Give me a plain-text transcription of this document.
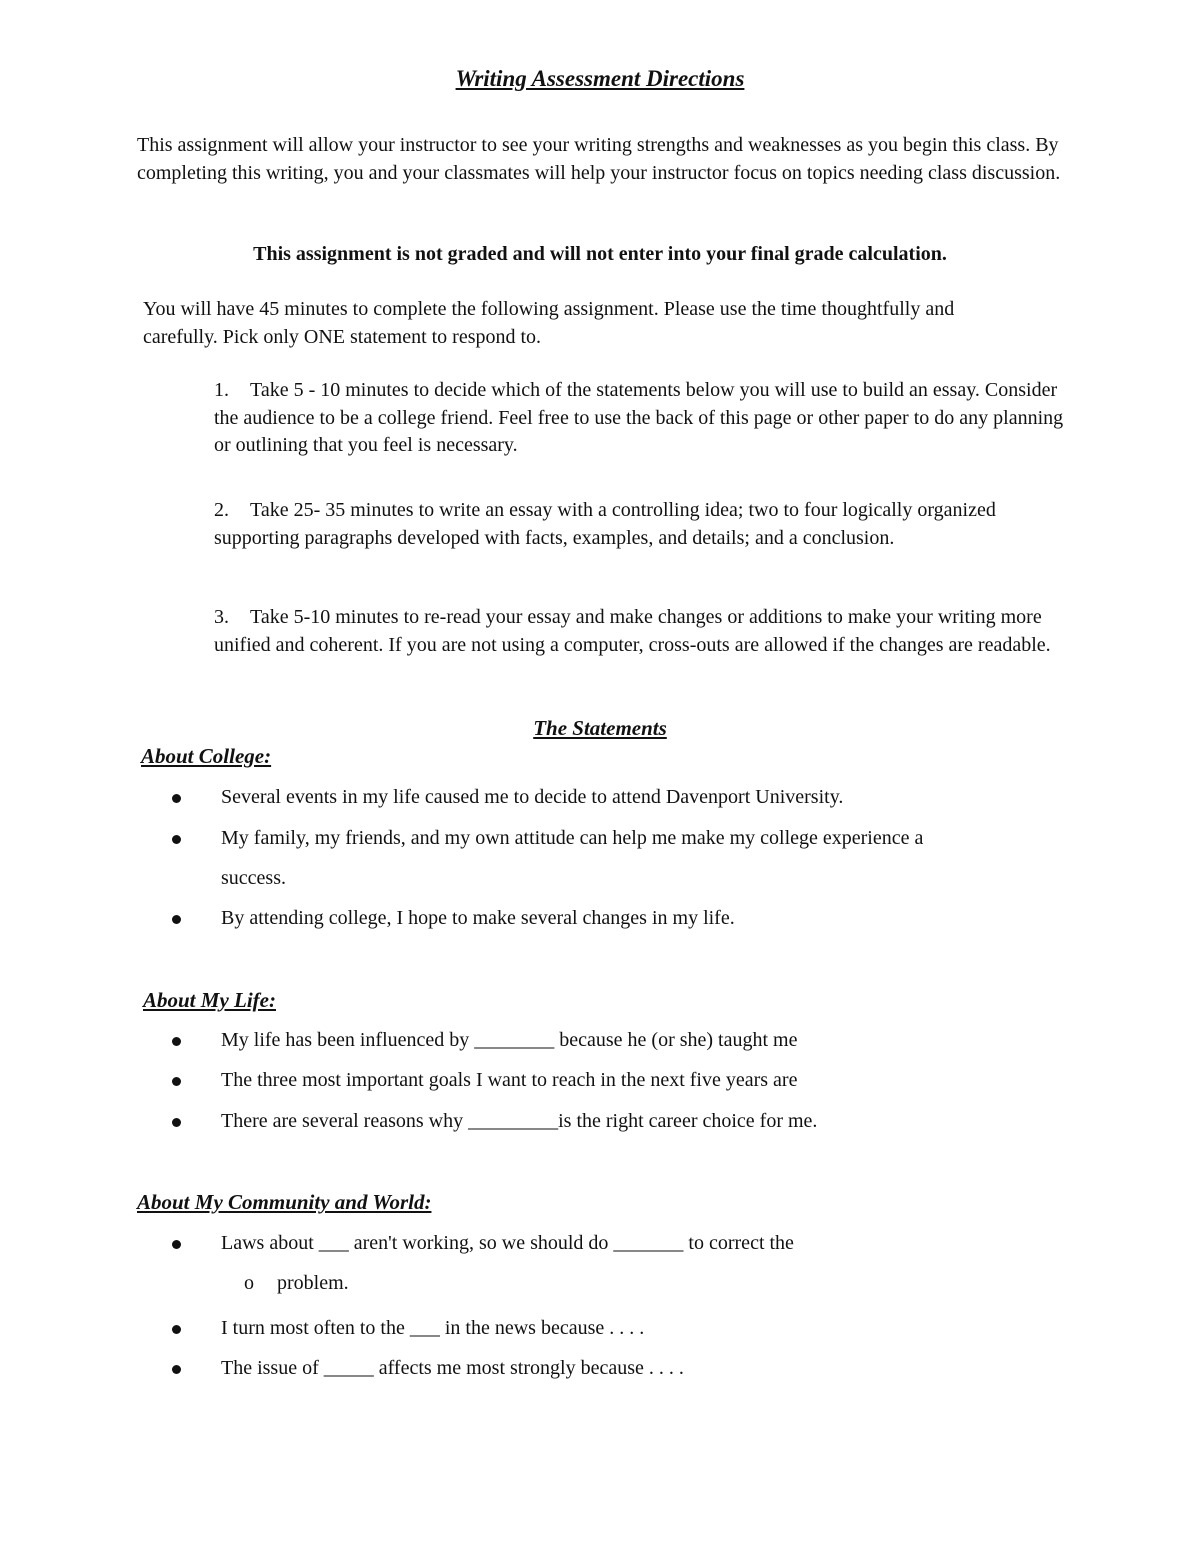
Writing Assessment Directions
This assignment will allow your instructor to see your writing strengths and weaknesses as you begin this class. By completing this writing, you and your classmates will help your instructor focus on topics needing class discussion.
This assignment is not graded and will not enter into your final grade calculation.
You will have 45 minutes to complete the following assignment. Please use the time thoughtfully and carefully. Pick only ONE statement to respond to.
1. Take 5 - 10 minutes to decide which of the statements below you will use to build an essay. Consider the audience to be a college friend. Feel free to use the back of this page or other paper to do any planning or outlining that you feel is necessary.
2. Take 25- 35 minutes to write an essay with a controlling idea; two to four logically organized supporting paragraphs developed with facts, examples, and details; and a conclusion.
3. Take 5-10 minutes to re-read your essay and make changes or additions to make your writing more unified and coherent. If you are not using a computer, cross-outs are allowed if the changes are readable.
The Statements
About College:
Several events in my life caused me to decide to attend Davenport University.
My family, my friends, and my own attitude can help me make my college experience a
success.
By attending college, I hope to make several changes in my life.
About My Life:
My life has been influenced by ________ because he (or she) taught me
The three most important goals I want to reach in the next five years are
There are several reasons why _________is the right career choice for me.
About My Community and World:
Laws about ___ aren't working, so we should do _______ to correct the
o problem.
I turn most often to the ___ in the news because . . . .
The issue of _____ affects me most strongly because . . . .
